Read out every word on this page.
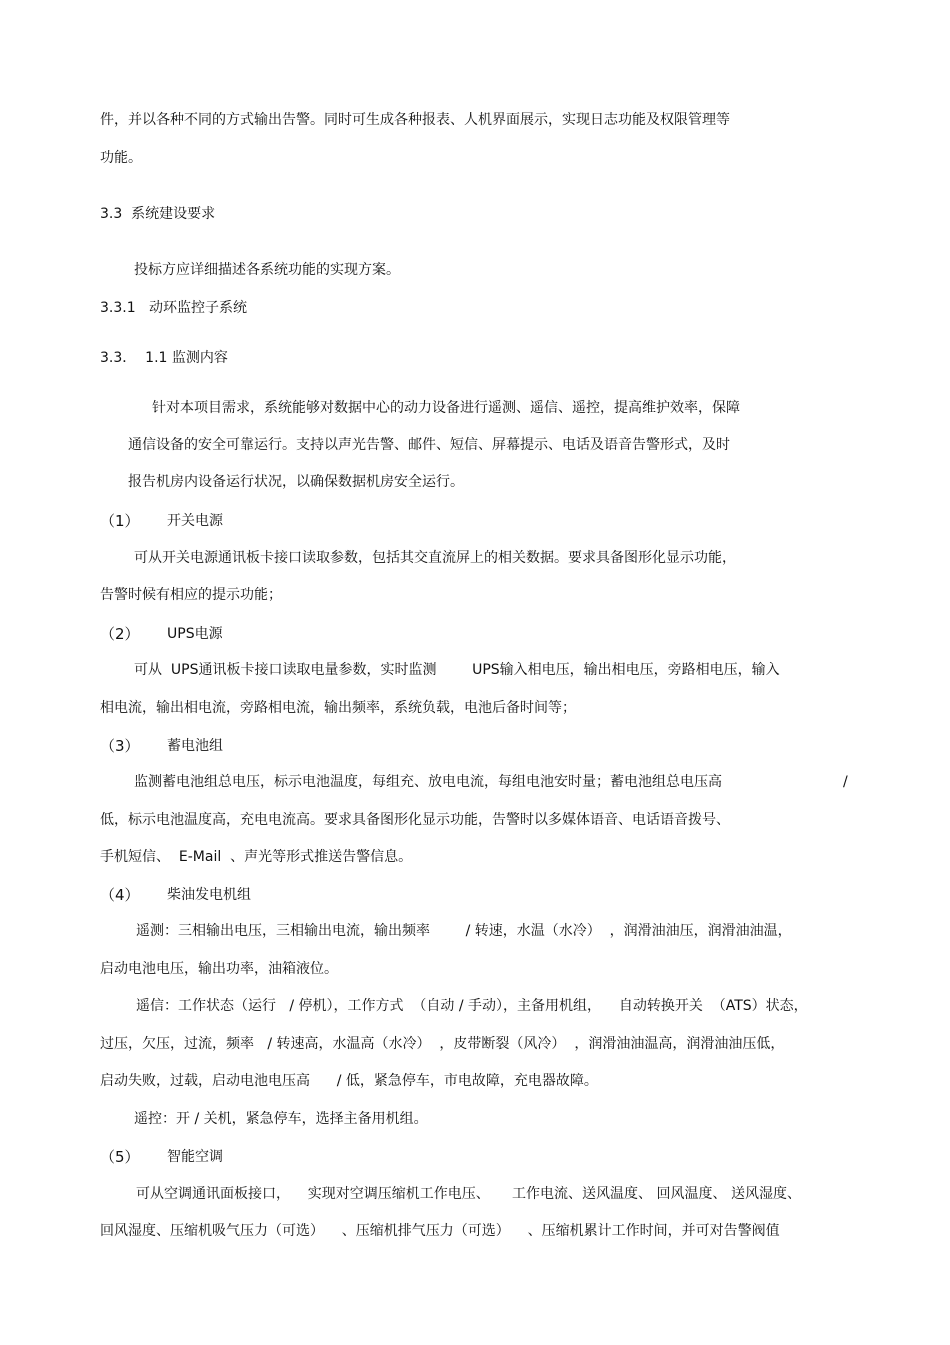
件，并以各种不同的方式输出告警。同时可生成各种报表、人机界面展示，实现日志功能及权限管理等
功能。
3.3  系统建设要求
投标方应详细描述各系统功能的实现方案。
3.3.1   动环监控子系统
3.3．  1.1 监测内容
针对本项目需求，系统能够对数据中心的动力设备进行遥测、遥信、遥控，提高维护效率，保障
通信设备的安全可靠运行。支持以声光告警、邮件、短信、屏幕提示、电话及语音告警形式，及时
报告机房内设备运行状况，以确保数据机房安全运行。
（1） 开关电源
可从开关电源通讯板卡接口读取参数，包括其交直流屏上的相关数据。要求具备图形化显示功能，
告警时候有相应的提示功能；
（2） UPS电源
可从  UPS通讯板卡接口读取电量参数，实时监测        UPS输入相电压，输出相电压，旁路相电压，输入
相电流，输出相电流，旁路相电流，输出频率，系统负载，电池后备时间等；
（3） 蓄电池组
监测蓄电池组总电压，标示电池温度，每组充、放电电流，每组电池安时量；蓄电池组总电压高	/
低，标示电池温度高，充电电流高。要求具备图形化显示功能，告警时以多媒体语音、电话语音拨号、
手机短信、  E-Mail  、声光等形式推送告警信息。
（4） 柴油发电机组
遥测：三相输出电压，三相输出电流，输出频率        / 转速，水温（水冷）  ，润滑油油压，润滑油油温，
启动电池电压，输出功率，油箱液位。
遥信：工作状态（运行   / 停机），工作方式  （自动 / 手动），主备用机组，    自动转换开关  （ATS）状态，
过压，欠压，过流，频率   / 转速高，水温高（水冷）  ，皮带断裂（风冷）  ，润滑油油温高，润滑油油压低，
启动失败，过载，启动电池电压高      / 低，紧急停车，市电故障，充电器故障。
遥控：开 / 关机，紧急停车，选择主备用机组。
（5） 智能空调
可从空调通讯面板接口，    实现对空调压缩机工作电压、     工作电流、送风温度、 回风温度、 送风湿度、
回风湿度、压缩机吸气压力（可选）    、压缩机排气压力（可选）    、压缩机累计工作时间，并可对告警阀值
